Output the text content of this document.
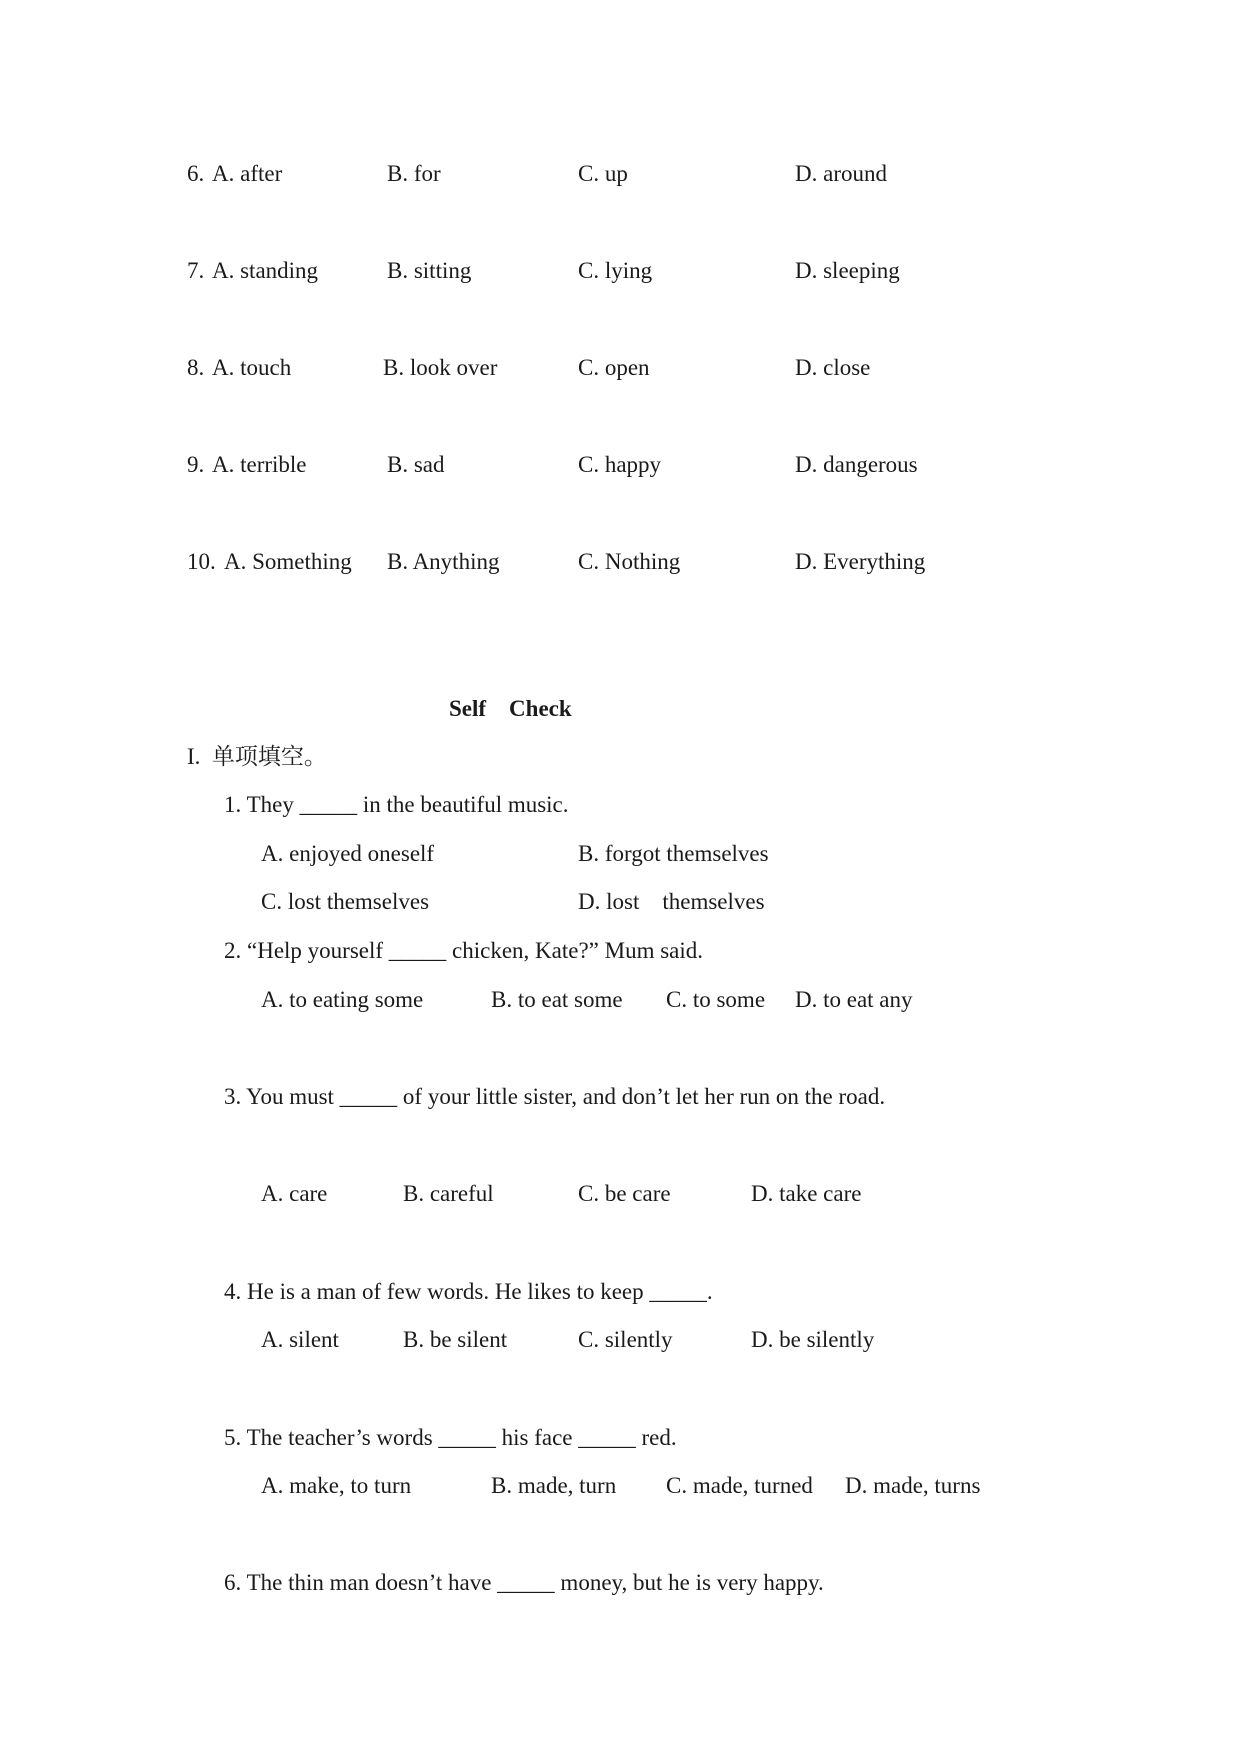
6. A. after	B. for	C. up	D. around
7. A. standing	B. sitting	C. lying	D. sleeping
8. A. touch	B. look over	C. open	D. close
9. A. terrible	B. sad	C. happy	D. dangerous
10. A. Something B. Anything	C. Nothing	D. Everything
Self    Check
I.  单项填空。
1. They _____ in the beautiful music.
A. enjoyed oneself	B. forgot themselves
C. lost themselves	D. lost    themselves
2. “Help yourself _____ chicken, Kate?” Mum said.
A. to eating some	B. to eat some C. to some D. to eat any
3. You must _____ of your little sister, and don’t let her run on the road.
A. care	B. careful	C. be care	D. take care
4. He is a man of few words. He likes to keep _____.
A. silent	B. be silent	C. silently	D. be silently
5. The teacher’s words _____ his face _____ red.
A. make, to turn	B. made, turn C. made, turned D. made, turns
6. The thin man doesn’t have _____ money, but he is very happy.
